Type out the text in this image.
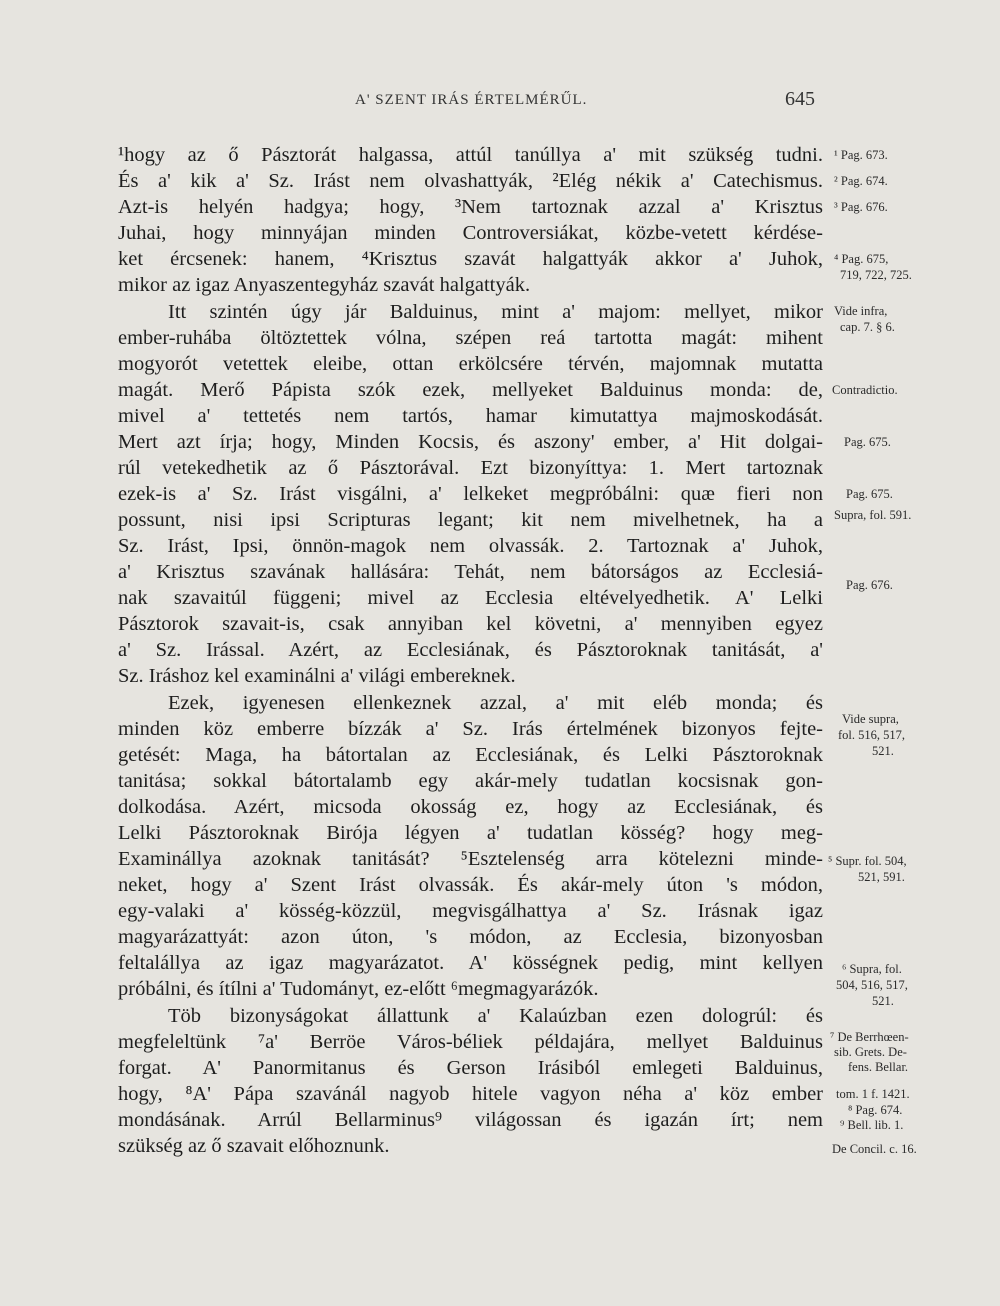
A' SZENT IRÁS ÉRTELMÉRŰL.	645
¹hogy az ő Pásztorát halgassa, attúl tanúllya a' mit szükség tudni.
És a' kik a' Sz. Irást nem olvashattyák, ²Elég nékik a' Catechismus.
Azt-is helyén hadgya; hogy, ³Nem tartoznak azzal a' Krisztus
Juhai, hogy minnyájan minden Controversiákat, közbe-vetett kérdése-
ket ércsenek: hanem, ⁴Krisztus szavát halgattyák akkor a' Juhok,
mikor az igaz Anyaszentegyház szavát halgattyák.
Itt szintén úgy jár Balduinus, mint a' majom: mellyet, mikor
ember-ruhába öltöztettek vólna, szépen reá tartotta magát: mihent
mogyorót vetettek eleibe, ottan erkölcsére térvén, majomnak mutatta
magát. Merő Pápista szók ezek, mellyeket Balduinus monda: de,
mivel a' tettetés nem tartós, hamar kimutattya majmoskodását.
Mert azt írja; hogy, Minden Kocsis, és aszony' ember, a' Hit dolgai-
rúl vetekedhetik az ő Pásztorával. Ezt bizonyíttya: 1. Mert tartoznak
ezek-is a' Sz. Irást visgálni, a' lelkeket megpróbálni: quæ fieri non
possunt, nisi ipsi Scripturas legant; kit nem mivelhetnek, ha a
Sz. Irást, Ipsi, önnön-magok nem olvassák. 2. Tartoznak a' Juhok,
a' Krisztus szavának hallására: Tehát, nem bátorságos az Ecclesiá-
nak szavaitúl függeni; mivel az Ecclesia eltévelyedhetik. A' Lelki
Pásztorok szavait-is, csak annyiban kel követni, a' mennyiben egyez
a' Sz. Irással. Azért, az Ecclesiának, és Pásztoroknak tanitását, a'
Sz. Iráshoz kel examinálni a' világi embereknek.
Ezek, igyenesen ellenkeznek azzal, a' mit eléb monda; és
minden köz emberre bízzák a' Sz. Irás értelmének bizonyos fejte-
getését: Maga, ha bátortalan az Ecclesiának, és Lelki Pásztoroknak
tanitása; sokkal bátortalamb egy akár-mely tudatlan kocsisnak gon-
dolkodása. Azért, micsoda okosság ez, hogy az Ecclesiának, és
Lelki Pásztoroknak Birója légyen a' tudatlan kösség? hogy meg-
Examinállya azoknak tanitását? ⁵Esztelenség arra kötelezni minde-
neket, hogy a' Szent Irást olvassák. És akár-mely úton 's módon,
egy-valaki a' kösség-közzül, megvisgálhattya a' Sz. Irásnak igaz
magyarázattyát: azon úton, 's módon, az Ecclesia, bizonyosban
feltalállya az igaz magyarázatot. A' kösségnek pedig, mint kellyen
próbálni, és ítílni a' Tudományt, ez-előtt ⁶megmagyarázók.
Töb bizonyságokat állattunk a' Kalaúzban ezen dologrúl: és
megfeleltünk ⁷a' Berröe Város-béliek példajára, mellyet Balduinus
forgat. A' Panormitanus és Gerson Irásiból emlegeti Balduinus,
hogy, ⁸A' Pápa szavánál nagyob hitele vagyon néha a' köz ember
mondásának. Arrúl Bellarminus⁹ világossan és igazán írt; nem
szükség az ő szavait előhoznunk.
¹ Pag. 673.
² Pag. 674.
³ Pag. 676.
⁴ Pag. 675,
719, 722, 725.
Vide infra,
cap. 7. § 6.
Contradictio.
Pag. 675.
Pag. 675.
Supra, fol. 591.
Pag. 676.
Vide supra,
fol. 516, 517,
521.
⁵ Supr. fol. 504,
521, 591.
⁶ Supra, fol.
504, 516, 517,
521.
⁷ De Berrhœen-
sib. Grets. De-
fens. Bellar.
tom. 1 f. 1421.
⁸ Pag. 674.
⁹ Bell. lib. 1.
De Concil. c. 16.
